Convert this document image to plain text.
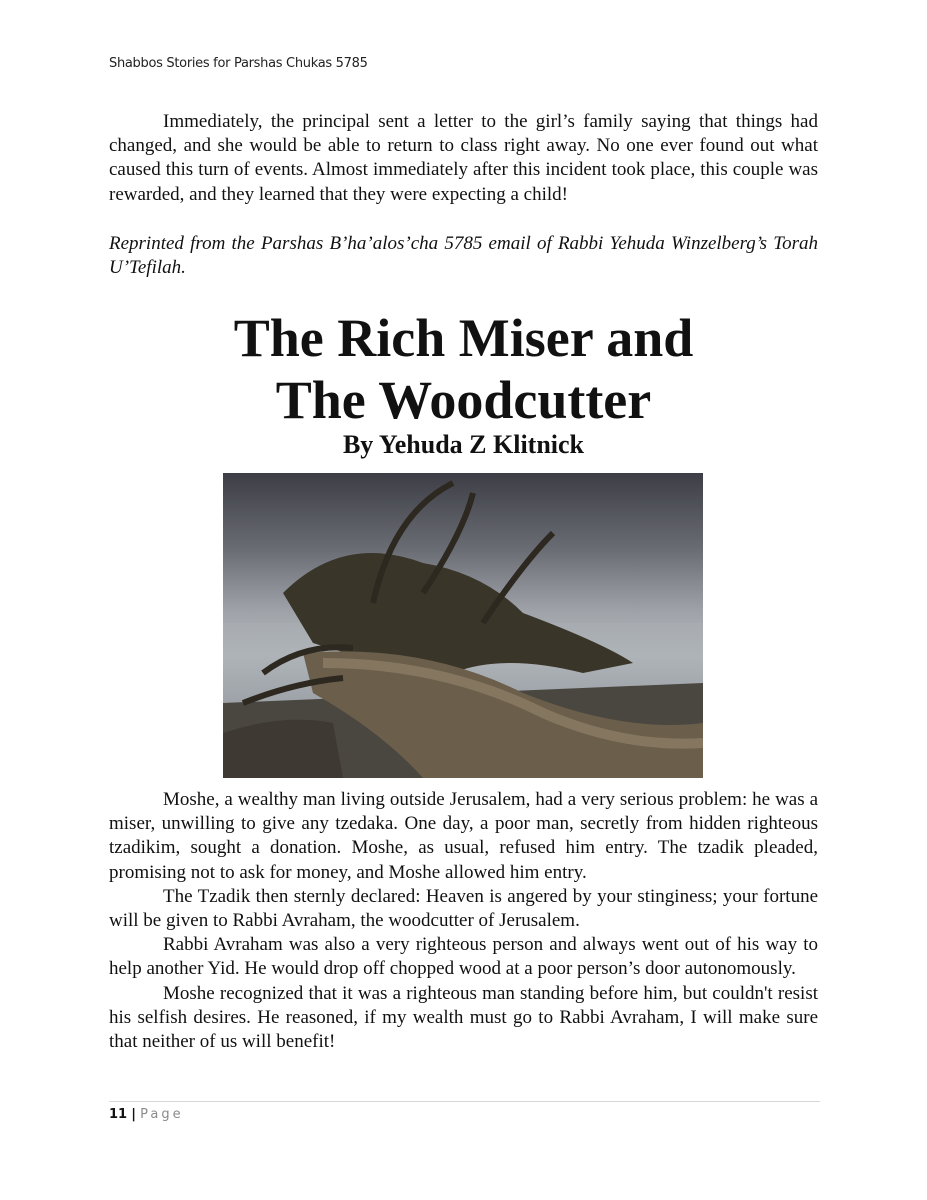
Shabbos Stories for Parshas Chukas 5785

Immediately, the principal sent a letter to the girl’s family saying that things had changed, and she would be able to return to class right away. No one ever found out what caused this turn of events. Almost immediately after this incident took place, this couple was rewarded, and they learned that they were expecting a child!

Reprinted from the Parshas B’ha’alos’cha 5785 email of Rabbi Yehuda Winzelberg’s Torah U’Tefilah.

The Rich Miser and
The Woodcutter
By Yehuda Z Klitnick

Moshe, a wealthy man living outside Jerusalem, had a very serious problem: he was a miser, unwilling to give any tzedaka. One day, a poor man, secretly from hidden righteous tzadikim, sought a donation. Moshe, as usual, refused him entry. The tzadik pleaded, promising not to ask for money, and Moshe allowed him entry.

The Tzadik then sternly declared: Heaven is angered by your stinginess; your fortune will be given to Rabbi Avraham, the woodcutter of Jerusalem.

Rabbi Avraham was also a very righteous person and always went out of his way to help another Yid. He would drop off chopped wood at a poor person’s door autonomously.

Moshe recognized that it was a righteous man standing before him, but couldn't resist his selfish desires. He reasoned, if my wealth must go to Rabbi Avraham, I will make sure that neither of us will benefit!

11 | Page
